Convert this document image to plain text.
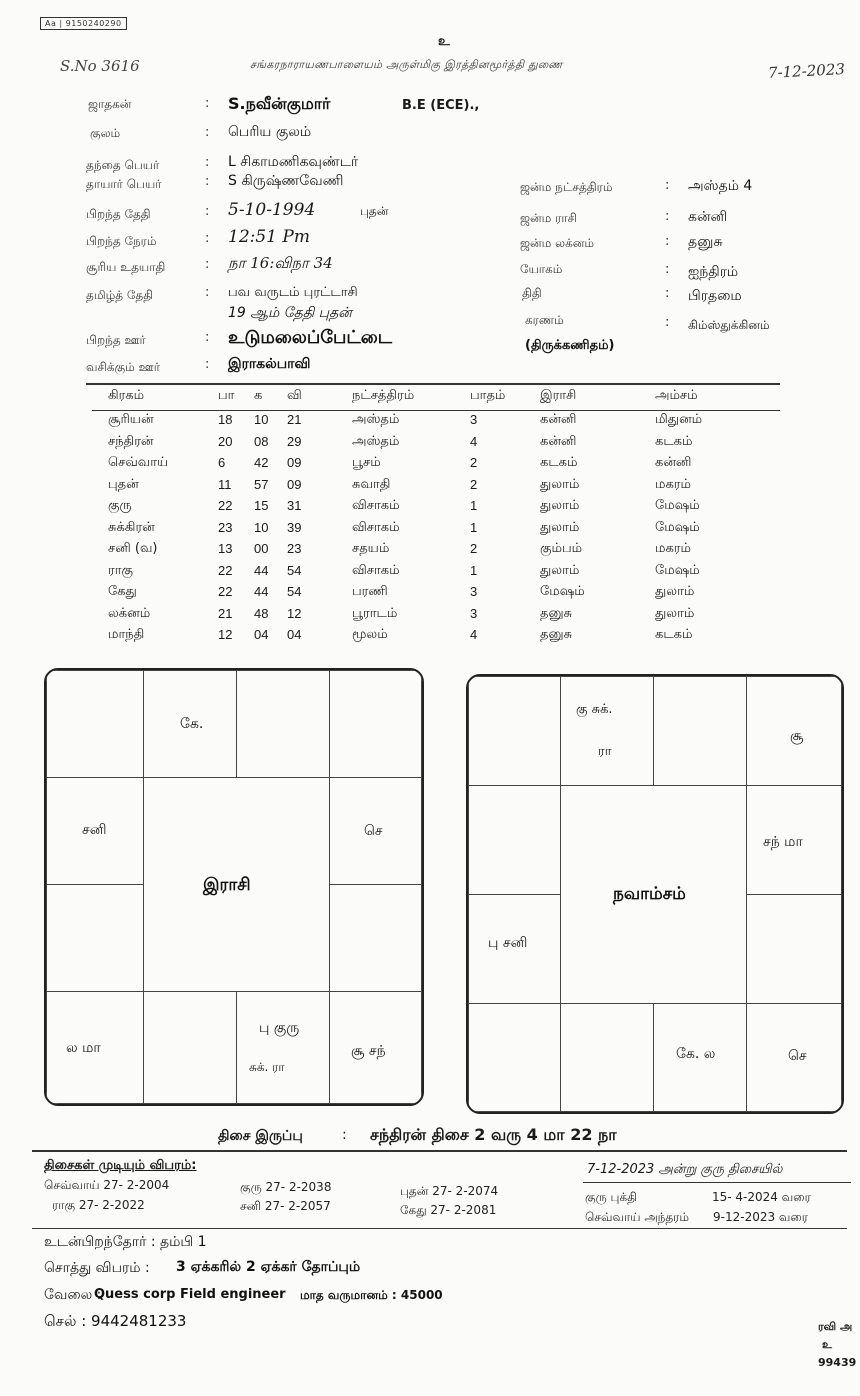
Aa | 9150240290
உ
S.No 3616	சங்கரநாராயணபாளையம் அருள்மிகு இரத்தினமூர்த்தி துணை	7-12-2023
ஜாதகன்	: S.நவீன்குமார்	B.E (ECE).,
குலம்	: பெரிய குலம்
தந்தை பெயர்	: L சிகாமணிகவுண்டர்
தாயார் பெயர்	: S கிருஷ்ணவேணி
பிறந்த தேதி	: 5-10-1994	புதன்
பிறந்த நேரம்	: 12:51 Pm
சூரிய உதயாதி	: நா 16:விநா 34
தமிழ்த் தேதி	: பவ வருடம் புரட்டாசி
19 ஆம் தேதி புதன்
பிறந்த ஊர்	: உடுமலைப்பேட்டை
வசிக்கும் ஊர்	: இராகல்பாவி
ஜன்ம நட்சத்திரம்	: அஸ்தம் 4
ஜன்ம ராசி	: கன்னி
ஜன்ம லக்னம்	: தனுசு
யோகம்	: ஐந்திரம்
திதி	: பிரதமை
கரணம்	: கிம்ஸ்துக்கினம்
(திருக்கணிதம்)
கிரகம்	பா க வி	நட்சத்திரம்	பாதம்	இராசி	அம்சம்
சூரியன்	18 10 21	அஸ்தம்	3	கன்னி	மிதுனம்
சந்திரன்	20 08 29	அஸ்தம்	4	கன்னி	கடகம்
செவ்வாய்	6 42 09	பூசம்	2	கடகம்	கன்னி
புதன்	11 57 09	சுவாதி	2	துலாம்	மகரம்
குரு	22 15 31	விசாகம்	1	துலாம்	மேஷம்
சுக்கிரன்	23 10 39	விசாகம்	1	துலாம்	மேஷம்
சனி (வ)	13 00 23	சதயம்	2	கும்பம்	மகரம்
ராகு	22 44 54	விசாகம்	1	துலாம்	மேஷம்
கேது	22 44 54	பரணி	3	மேஷம்	துலாம்
லக்னம்	21 48 12	பூராடம்	3	தனுசு	துலாம்
மாந்தி	12 04 04	மூலம்	4	தனுசு	கடகம்
கே.
சனி	செ
இராசி
பு குரு
சுக். ரா
ல மா	சூ சந்
கு சுக்.
ரா
சூ
சந் மா
நவாம்சம்
பு சனி
கே. ல	செ
திசை இருப்பு	: சந்திரன் திசை 2 வரு 4 மா 22 நா
திசைகள் முடியும் விபரம்:
செவ்வாய் 27- 2-2004
ராகு 27- 2-2022
குரு 27- 2-2038
சனி 27- 2-2057
புதன் 27- 2-2074
கேது 27- 2-2081
7-12-2023 அன்று குரு திசையில்
குரு புக்தி	15- 4-2024 வரை
செவ்வாய் அந்தரம் 9-12-2023 வரை
உடன்பிறந்தோர் : தம்பி 1
சொத்து விபரம் : 3 ஏக்கரில் 2 ஏக்கர் தோப்பும்
வேலை :
Quess corp Field engineer மாத வருமானம் : 45000
செல் : 9442481233	ரவி அ
உ
99439
